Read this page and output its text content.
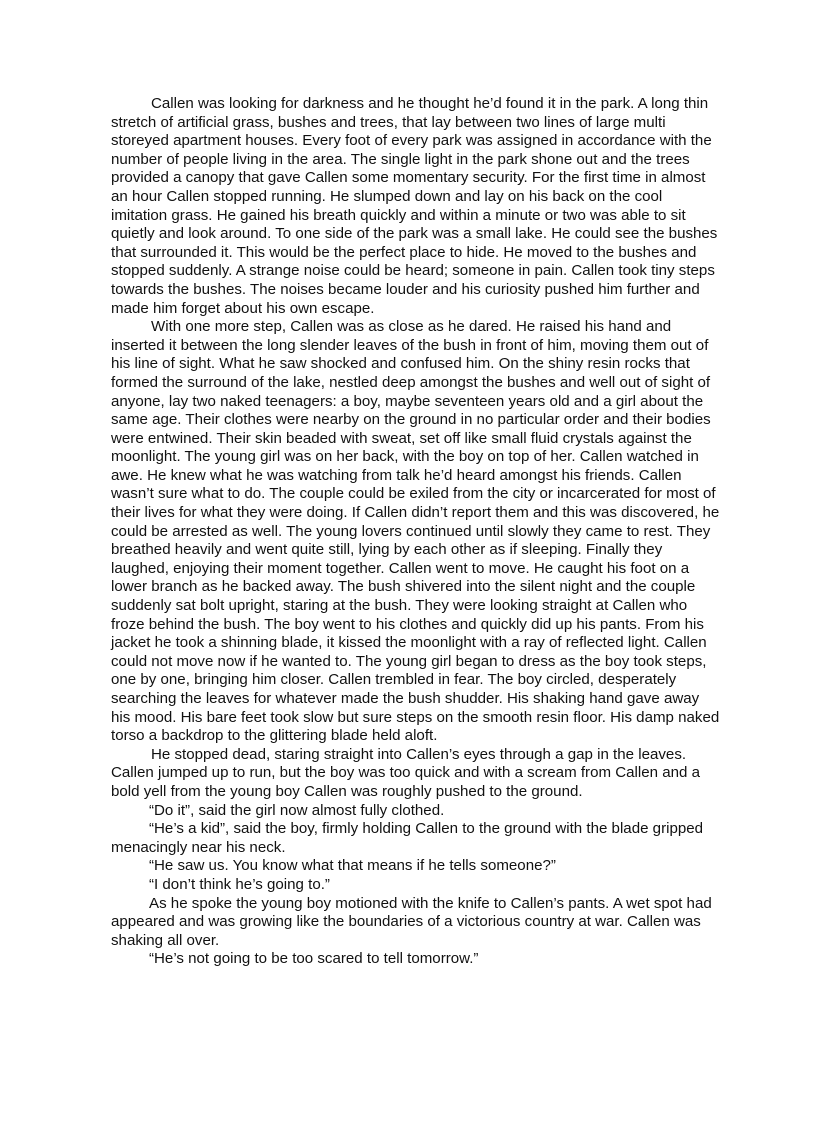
Callen was looking for darkness and he thought he’d found it in the park. A long thin stretch of artificial grass, bushes and trees, that lay between two lines of large multi storeyed apartment houses. Every foot of every park was assigned in accordance with the number of people living in the area. The single light in the park shone out and the trees provided a canopy that gave Callen some momentary security. For the first time in almost an hour Callen stopped running. He slumped down and lay on his back on the cool imitation grass. He gained his breath quickly and within a minute or two was able to sit quietly and look around. To one side of the park was a small lake. He could see the bushes that surrounded it. This would be the perfect place to hide. He moved to the bushes and stopped suddenly. A strange noise could be heard; someone in pain. Callen took tiny steps towards the bushes. The noises became louder and his curiosity pushed him further and made him forget about his own escape.

With one more step, Callen was as close as he dared. He raised his hand and inserted it between the long slender leaves of the bush in front of him, moving them out of his line of sight. What he saw shocked and confused him. On the shiny resin rocks that formed the surround of the lake, nestled deep amongst the bushes and well out of sight of anyone, lay two naked teenagers: a boy, maybe seventeen years old and a girl about the same age. Their clothes were nearby on the ground in no particular order and their bodies were entwined. Their skin beaded with sweat, set off like small fluid crystals against the moonlight. The young girl was on her back, with the boy on top of her. Callen watched in awe. He knew what he was watching from talk he’d heard amongst his friends. Callen wasn’t sure what to do. The couple could be exiled from the city or incarcerated for most of their lives for what they were doing. If Callen didn’t report them and this was discovered, he could be arrested as well. The young lovers continued until slowly they came to rest. They breathed heavily and went quite still, lying by each other as if sleeping. Finally they laughed, enjoying their moment together. Callen went to move. He caught his foot on a lower branch as he backed away. The bush shivered into the silent night and the couple suddenly sat bolt upright, staring at the bush. They were looking straight at Callen who froze behind the bush. The boy went to his clothes and quickly did up his pants. From his jacket he took a shinning blade, it kissed the moonlight with a ray of reflected light. Callen could not move now if he wanted to. The young girl began to dress as the boy took steps, one by one, bringing him closer. Callen trembled in fear. The boy circled, desperately searching the leaves for whatever made the bush shudder. His shaking hand gave away his mood. His bare feet took slow but sure steps on the smooth resin floor. His damp naked torso a backdrop to the glittering blade held aloft.

He stopped dead, staring straight into Callen’s eyes through a gap in the leaves. Callen jumped up to run, but the boy was too quick and with a scream from Callen and a bold yell from the young boy Callen was roughly pushed to the ground.

“Do it”, said the girl now almost fully clothed.

“He’s a kid”, said the boy, firmly holding Callen to the ground with the blade gripped menacingly near his neck.

“He saw us. You know what that means if he tells someone?”

“I don’t think he’s going to.”

As he spoke the young boy motioned with the knife to Callen’s pants. A wet spot had appeared and was growing like the boundaries of a victorious country at war. Callen was shaking all over.

“He’s not going to be too scared to tell tomorrow.”
